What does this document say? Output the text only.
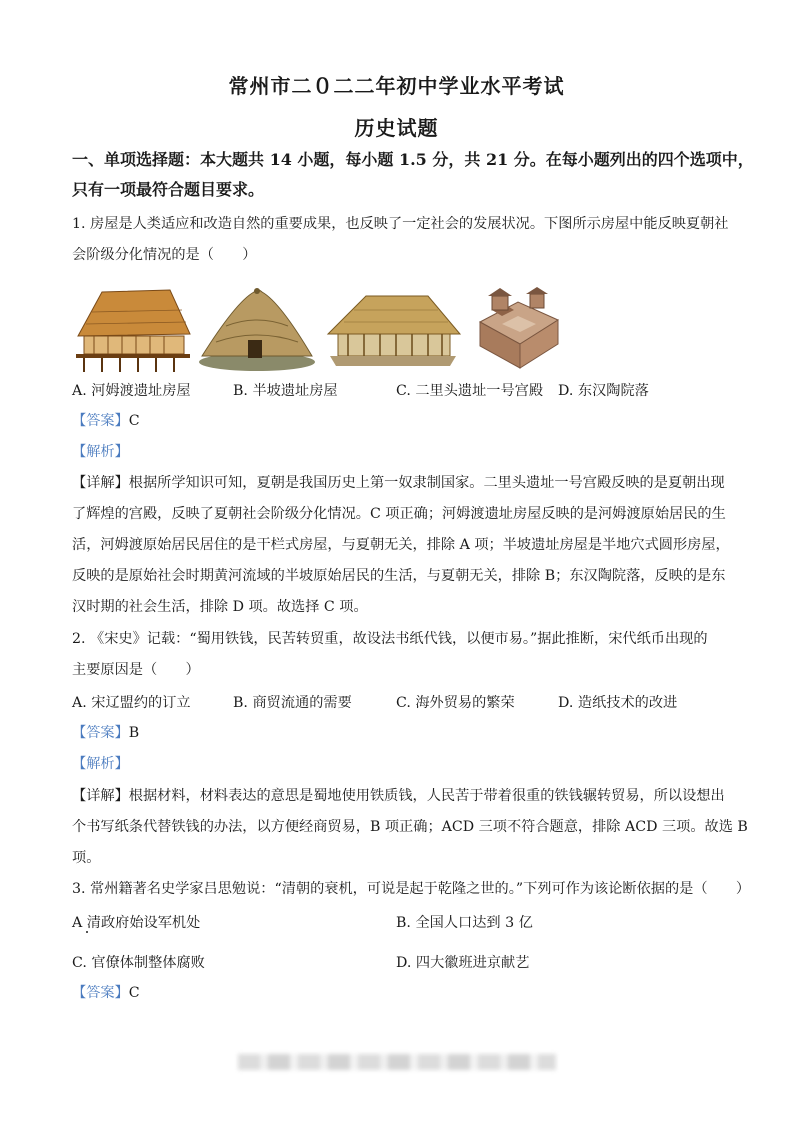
常州市二０二二年初中学业水平考试
历史试题
一、单项选择题：本大题共 14 小题，每小题 1.5 分，共 21 分。在每小题列出的四个选项中，
只有一项最符合题目要求。
1. 房屋是人类适应和改造自然的重要成果，也反映了一定社会的发展状况。下图所示房屋中能反映夏朝社
会阶级分化情况的是（　　）
A. 河姆渡遗址房屋	B. 半坡遗址房屋	C. 二里头遗址一号宫殿 D. 东汉陶院落
【答案】C
【解析】
【详解】根据所学知识可知，夏朝是我国历史上第一奴隶制国家。二里头遗址一号宫殿反映的是夏朝出现
了辉煌的宫殿，反映了夏朝社会阶级分化情况。C 项正确；河姆渡遗址房屋反映的是河姆渡原始居民的生
活，河姆渡原始居民居住的是干栏式房屋，与夏朝无关，排除 A 项；半坡遗址房屋是半地穴式圆形房屋，
反映的是原始社会时期黄河流域的半坡原始居民的生活，与夏朝无关，排除 B；东汉陶院落，反映的是东
汉时期的社会生活，排除 D 项。故选择 C 项。
2. 《宋史》记载：“蜀用铁钱，民苦转贸重，故设法书纸代钱，以便市易。”据此推断，宋代纸币出现的
主要原因是（　　）
A. 宋辽盟约的订立	B. 商贸流通的需要	C. 海外贸易的繁荣	D. 造纸技术的改进
【答案】B
【解析】
【详解】根据材料，材料表达的意思是蜀地使用铁质钱，人民苦于带着很重的铁钱辗转贸易，所以设想出
个书写纸条代替铁钱的办法，以方便经商贸易，B 项正确；ACD 三项不符合题意，排除 ACD 三项。故选 B
项。
3. 常州籍著名史学家吕思勉说：“清朝的衰机，可说是起于乾隆之世的。”下列可作为该论断依据的是（　　）
A 清政府始设军机处	B. 全国人口达到 3 亿
C. 官僚体制整体腐败	D. 四大徽班进京献艺
【答案】C
